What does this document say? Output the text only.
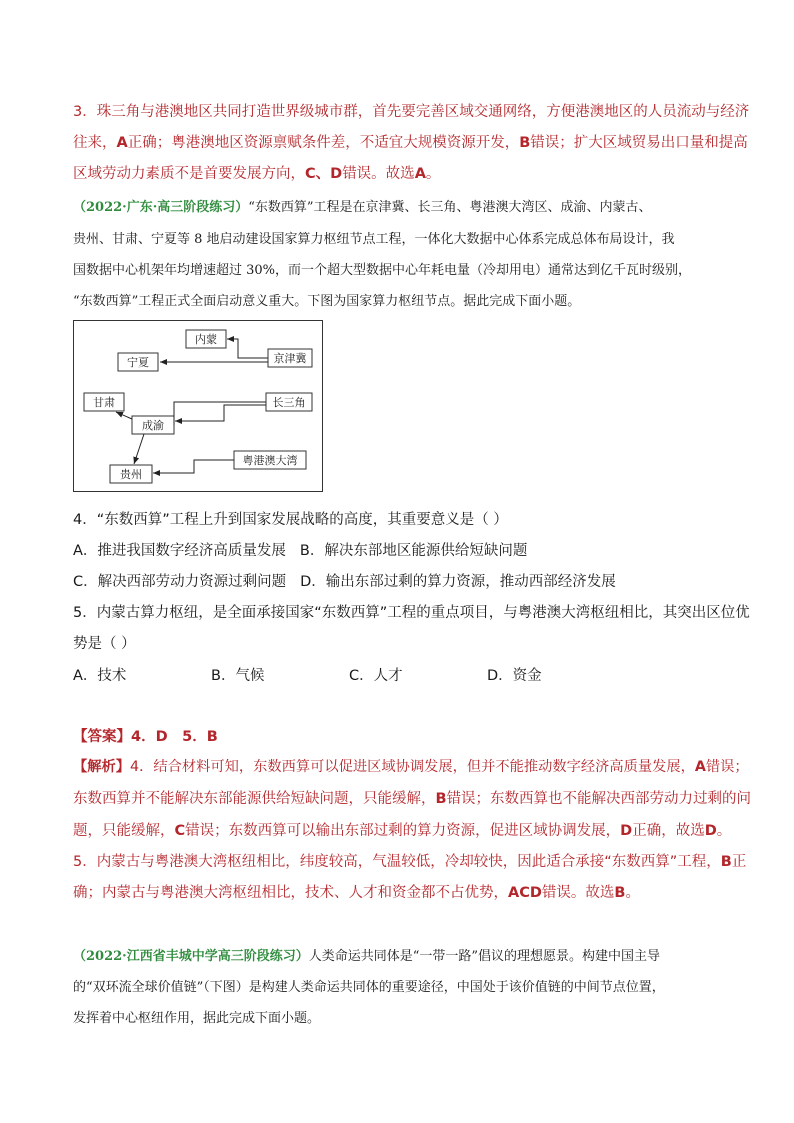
3．珠三角与港澳地区共同打造世界级城市群，首先要完善区域交通网络，方便港澳地区的人员流动与经济
往来，A正确；粤港澳地区资源禀赋条件差，不适宜大规模资源开发，B错误；扩大区域贸易出口量和提高
区域劳动力素质不是首要发展方向，C、D错误。故选A。
（2022·广东·高三阶段练习）“东数西算”工程是在京津冀、长三角、粤港澳大湾区、成渝、内蒙古、
贵州、甘肃、宁夏等 8 地启动建设国家算力枢纽节点工程，一体化大数据中心体系完成总体布局设计，我
国数据中心机架年均增速超过 30%，而一个超大型数据中心年耗电量（冷却用电）通常达到亿千瓦时级别，
“东数西算”工程正式全面启动意义重大。下图为国家算力枢纽节点。据此完成下面小题。
内蒙
宁夏	京津冀
甘肃	长三角
成渝
贵州
粤港澳大湾
4．“东数西算”工程上升到国家发展战略的高度，其重要意义是（ ）
A．推进我国数字经济高质量发展 B．解决东部地区能源供给短缺问题
C．解决西部劳动力资源过剩问题 D．输出东部过剩的算力资源，推动西部经济发展
5．内蒙古算力枢纽，是全面承接国家“东数西算”工程的重点项目，与粤港澳大湾枢纽相比，其突出区位优
势是（ ）
A．技术	B．气候	C．人才	D．资金
【答案】4．D　5．B
【解析】4．结合材料可知，东数西算可以促进区域协调发展，但并不能推动数字经济高质量发展，A错误；
东数西算并不能解决东部能源供给短缺问题，只能缓解，B错误；东数西算也不能解决西部劳动力过剩的问
题，只能缓解，C错误；东数西算可以输出东部过剩的算力资源，促进区域协调发展，D正确，故选D。
5．内蒙古与粤港澳大湾枢纽相比，纬度较高，气温较低，冷却较快，因此适合承接“东数西算”工程，B正
确；内蒙古与粤港澳大湾枢纽相比，技术、人才和资金都不占优势，ACD错误。故选B。
（2022·江西省丰城中学高三阶段练习）人类命运共同体是“一带一路”倡议的理想愿景。构建中国主导
的“双环流全球价值链”（下图）是构建人类命运共同体的重要途径，中国处于该价值链的中间节点位置，
发挥着中心枢纽作用，据此完成下面小题。
